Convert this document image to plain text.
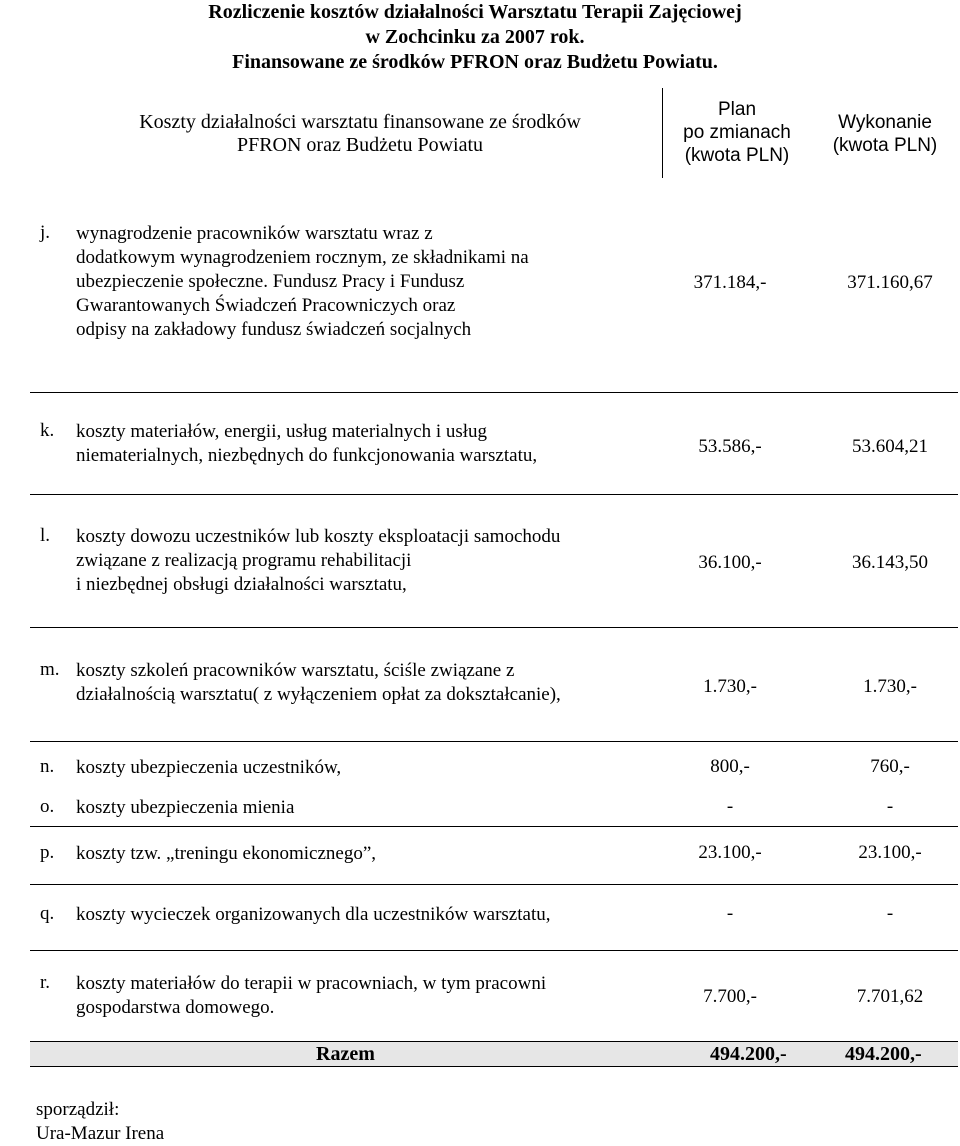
Rozliczenie kosztów działalności Warsztatu Terapii Zajęciowej
w Zochcinku za 2007 rok.
Finansowane ze środków PFRON oraz Budżetu Powiatu.
Koszty działalności warsztatu finansowane ze środków
PFRON oraz Budżetu Powiatu
Plan
po zmianach
(kwota PLN)
Wykonanie
(kwota PLN)
j. wynagrodzenie pracowników warsztatu wraz z
dodatkowym wynagrodzeniem rocznym, ze składnikami na
ubezpieczenie społeczne. Fundusz Pracy i Fundusz
Gwarantowanych Świadczeń Pracowniczych oraz
odpisy na zakładowy fundusz świadczeń socjalnych
371.184,-	371.160,67
k. koszty materiałów, energii, usług materialnych i usług
niematerialnych, niezbędnych do funkcjonowania warsztatu,	53.586,-	53.604,21
l. koszty dowozu uczestników lub koszty eksploatacji samochodu
związane z realizacją programu rehabilitacji
i niezbędnej obsługi działalności warsztatu,
36.100,-	36.143,50
m. koszty szkoleń pracowników warsztatu, ściśle związane z
działalnością warsztatu( z wyłączeniem opłat za dokształcanie),	1.730,-	1.730,-
n. koszty ubezpieczenia uczestników,	800,-	760,-
o. koszty ubezpieczenia mienia	-	-
p. koszty tzw. „treningu ekonomicznego”,	23.100,-	23.100,-
q. koszty wycieczek organizowanych dla uczestników warsztatu,	-	-
r. koszty materiałów do terapii w pracowniach, w tym pracowni
gospodarstwa domowego.
7.700,-	7.701,62
Razem	494.200,-	494.200,-
sporządził:
Ura-Mazur Irena
